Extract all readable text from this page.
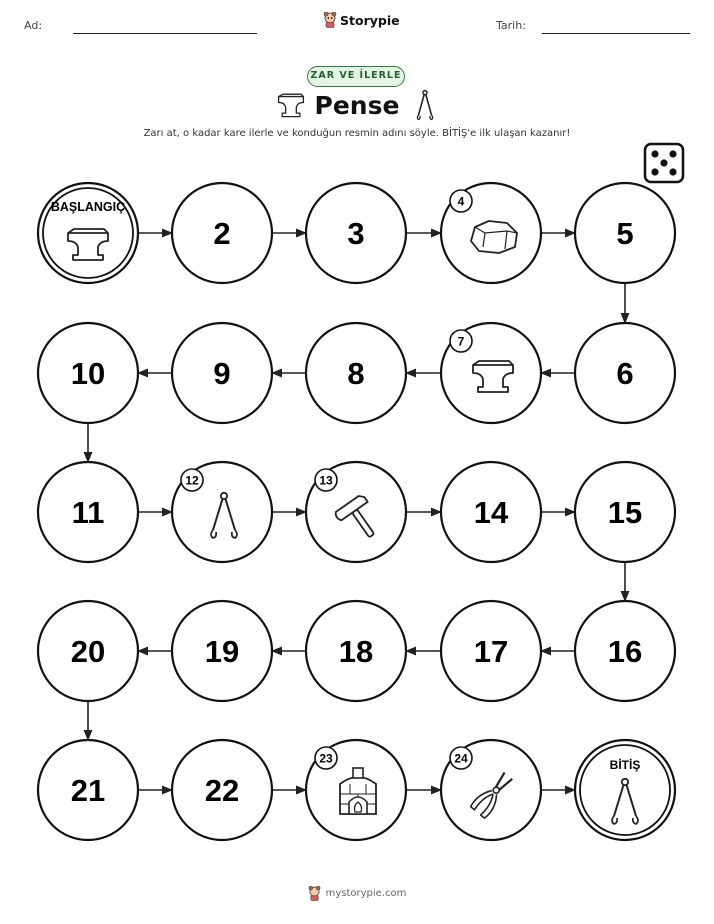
Ad:	Storypie	Tarih:
ZAR VE İLERLE
Pense
Zarı at, o kadar kare ilerle ve konduğun resmin adını söyle. BİTİŞ'e ilk ulaşan kazanır!
BAŞLANGIÇ
2	3
4
5
6
7
8
9
10
11
12	13
14	15
16
17
18
19
20
21	22
23	24	BİTİŞ
mystorypie.com
